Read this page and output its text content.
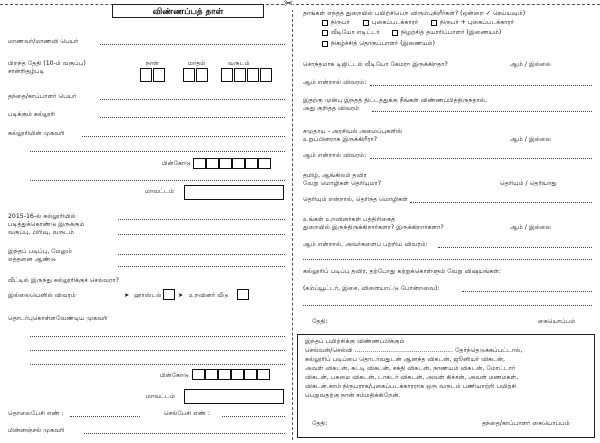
✂
விண்ணப்பத் தாள்
மாணவர்/மாணவி பெயர்
பிறந்த தேதி (10-ம் வகுப்பு)
சான்றிதழ்படி
நாள்	மாதம்	வருடம்
தந்தை/காப்பாளர் பெயர்
படிக்கும் கல்லூரி
கல்லூரியின் முகவரி
பின்கோடு
மாவட்டம்
2015-16-ல் கல்லூரியில்
படித்துக்கொண்டு இருக்கும்
வகுப்பு, பிரிவு, வருடம்
இந்தப் படிப்பு, மேலும்
எத்தனை ஆண்டு
வீட்டில் இருந்து கல்லூரிக்குச் செல்வரா?
இல்லையெனில் விவரம்	➤ ஹாஸ்டல்	➤ உறவினர் வீடு
தொடர்புகொள்ளவேண்டிய முகவரி
பின்கோடு
மாவட்டம்
தொலைபேசி எண் :	செல்பேசி எண் :
மின்னஞ்சல் முகவரி
தாங்கள் எந்தத் துறையில் பயிற்சிபெற விரும்புகிறீர்கள்? (ஒன்றை ✓ செய்யவும்)
நிருபர்	புகைப்படக்காரர்	நிருபர் + புகைப்படக்காரர்
வீடியோ எடிட்டர்	நிழற்சித் தயாரிப்பாளர் (இணையம்)
நிகழ்ச்சித் தொகுப்பாளர் (இணையம்)
சொந்தமாக டிஜிட்டல் வீடியோ கேமரா இருக்கிறதா?	ஆம் / இல்லை
ஆம் என்றால் விவரம்:
இதற்கு முன்பு இந்தத் திட்டத்துக்கு நீங்கள் விண்ணப்பித்திருந்தால்,
அது குறித்த விவரம்
சமுதாய - அரசியல் அமைப்புகளில்
உறுப்பினராக இருக்கிறீரா?	ஆம் / இல்லை
ஆம் என்றால் விவரம்:
தமிழ், ஆங்கிலம் தவிர
வேறு மொழிகள் தெரியுமா?	தெரியும் / தெரியாது
தெரியும் என்றால், தெரிந்த மொழிகள்
உங்கள் உறவினர்கள் பத்திரிகைத்
துறையில் இருந்திருக்கிறார்களா? இருக்கிறார்களா?	ஆம் / இல்லை
ஆம் என்றால், அவர்களைப் பற்றிய விவரம்:
கல்லூரிப் படிப்பு தவிர, தற்போது கற்றுக்கொள்ளும் வேறு விஷயங்கள்:
(கம்ப்யூட்டர், இசை, விளையாட்டு போன்றவை):
தேதி:	கையொப்பம்
இந்தப் பயிற்சிக்கு விண்ணப்பிக்கும்
செல்வன்/செல்வி .................................................. தேர்ந்தெடுக்கப்பட்டால்,
கல்லூரிப் படிப்பை தொடர்வதுடன் ஆனந்த விகடன், ஜூனியர் விகடன்,
அவள் விகடன், சுட்டி விகடன், சக்தி விகடன், நாணயம் விகடன், மோட்டார்
விகடன், பசுமை விகடன், டாக்டர் விகடன், அவள் கிச்சன், அவள் மணமகள்,
விகடன்.காம் நிருபராக/புகைப்படக்காரராக ஒரு வருடம் பணியாற்றி பயிற்சி
பெறுவதற்கு நான் சம்மதிக்கிறேன்.
தேதி:	தந்தை/காப்பாளர் கையொப்பம்
